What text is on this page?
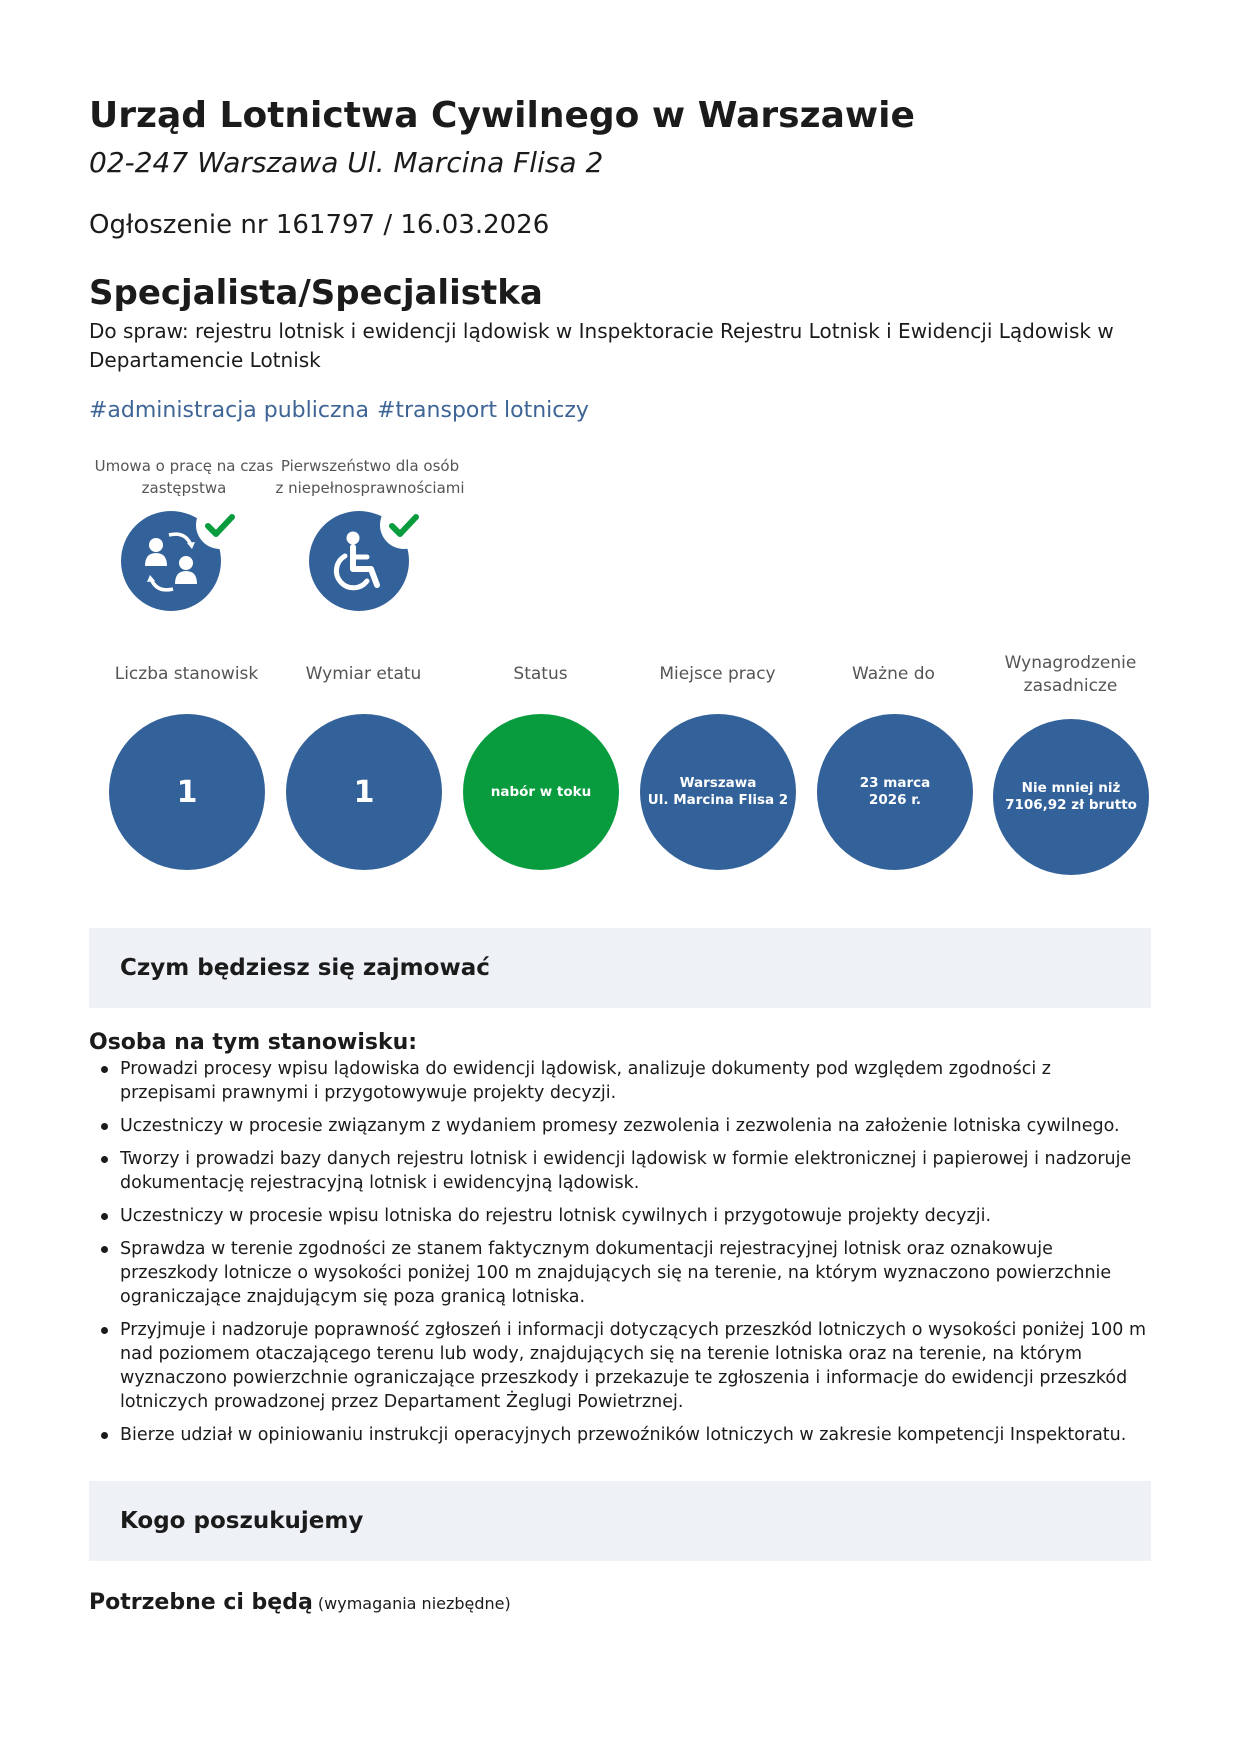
Urząd Lotnictwa Cywilnego w Warszawie
02-247 Warszawa Ul. Marcina Flisa 2
Ogłoszenie nr 161797 / 16.03.2026
Specjalista/Specjalistka
Do spraw: rejestru lotnisk i ewidencji lądowisk w Inspektoracie Rejestru Lotnisk i Ewidencji Lądowisk w Departamencie Lotnisk
#administracja publiczna #transport lotniczy
Umowa o pracę na czas zastępstwa
Pierwszeństwo dla osób z niepełnosprawnościami
Liczba stanowisk
1
Wymiar etatu
1
Status
nabór w toku
Miejsce pracy
Warszawa
Ul. Marcina Flisa 2
Ważne do
23 marca
2026 r.
Wynagrodzenie zasadnicze
Nie mniej niż
7106,92 zł brutto
Czym będziesz się zajmować
Osoba na tym stanowisku:
Prowadzi procesy wpisu lądowiska do ewidencji lądowisk, analizuje dokumenty pod względem zgodności z przepisami prawnymi i przygotowywuje projekty decyzji.
Uczestniczy w procesie związanym z wydaniem promesy zezwolenia i zezwolenia na założenie lotniska cywilnego.
Tworzy i prowadzi bazy danych rejestru lotnisk i ewidencji lądowisk w formie elektronicznej i papierowej i nadzoruje dokumentację rejestracyjną lotnisk i ewidencyjną lądowisk.
Uczestniczy w procesie wpisu lotniska do rejestru lotnisk cywilnych i przygotowuje projekty decyzji.
Sprawdza w terenie zgodności ze stanem faktycznym dokumentacji rejestracyjnej lotnisk oraz oznakowuje przeszkody lotnicze o wysokości poniżej 100 m znajdujących się na terenie, na którym wyznaczono powierzchnie ograniczające znajdującym się poza granicą lotniska.
Przyjmuje i nadzoruje poprawność zgłoszeń i informacji dotyczących przeszkód lotniczych o wysokości poniżej 100 m nad poziomem otaczającego terenu lub wody, znajdujących się na terenie lotniska oraz na terenie, na którym wyznaczono powierzchnie ograniczające przeszkody i przekazuje te zgłoszenia i informacje do ewidencji przeszkód lotniczych prowadzonej przez Departament Żeglugi Powietrznej.
Bierze udział w opiniowaniu instrukcji operacyjnych przewoźników lotniczych w zakresie kompetencji Inspektoratu.
Kogo poszukujemy
Potrzebne ci będą (wymagania niezbędne)
